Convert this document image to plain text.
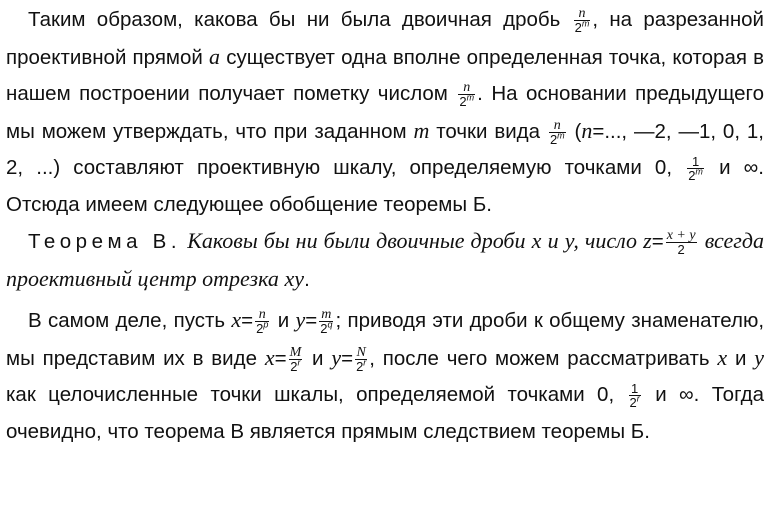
Таким образом, какова бы ни была двоичная дробь $\frac{n}{2^m}$ , на разрезанной проективной прямой a существует одна вполне определенная точка, которая в нашем построении получает пометку числом $\frac{n}{2^m}$ . На основании предыдущего мы можем утверждать, что при заданном m точки вида $\frac{n}{2^m} (n=$..., —2, —1, 0, 1, 2, ...) составляют проективную шкалу, определяемую точками 0, $\frac{1}{2^m}$ и ∞. Отсюда имеем следующее обобщение теоремы Б.

Теорема В. Каковы бы ни были двоичные дроби x и y, число $z= \frac{x + y}{2}$ всегда проективный центр отрезка xy.

В самом деле, пусть $x= \frac{n}{2^p}$ и $y= \frac{m}{2^q}$ ; приводя эти дроби к общему знаменателю, мы представим их в виде $x= \frac{M}{2^r}$ и $y= \frac{N}{2^r}$ , после чего можем рассматривать x и y как целочисленные точки шкалы, определяемой точками 0, $\frac{1}{2^r}$ и ∞. Тогда очевидно, что теорема В является прямым следствием теоремы Б.
